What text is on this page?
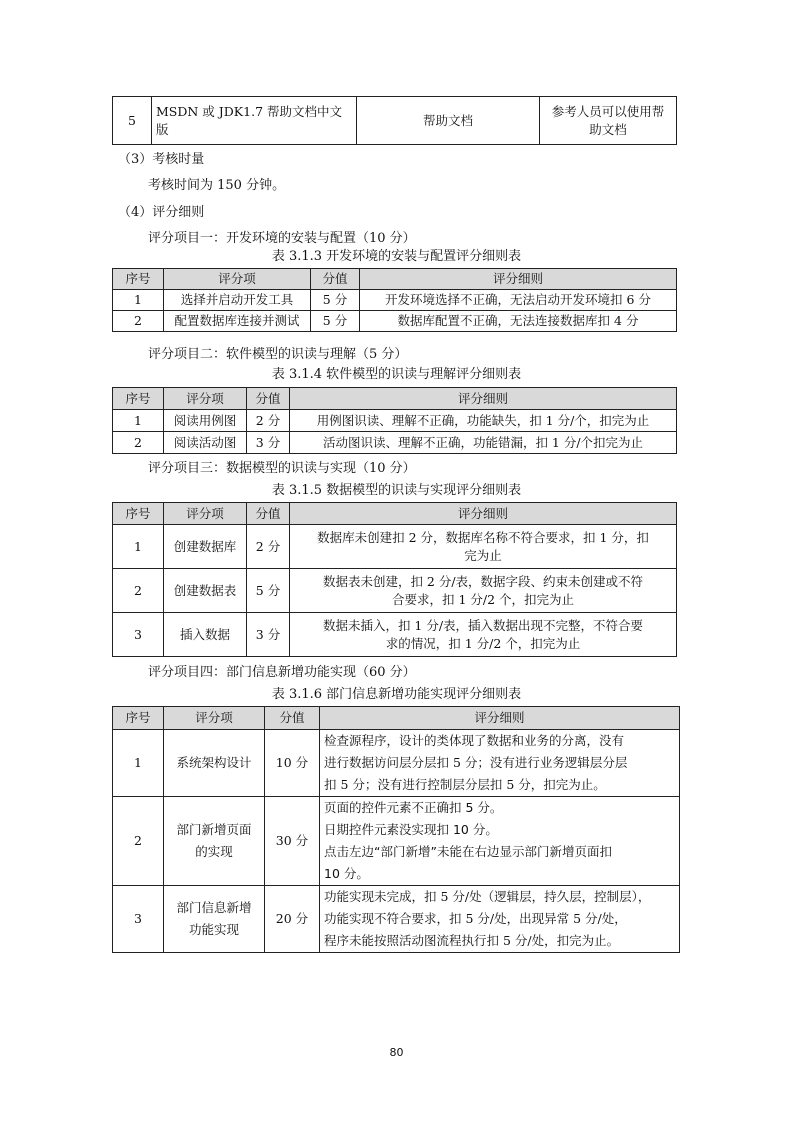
5	MSDN 或 JDK1.7 帮助文档中文版	帮助文档	参考人员可以使用帮
助文档
（3）考核时量
考核时间为 150 分钟。
（4）评分细则
评分项目一：开发环境的安装与配置（10 分）
表 3.1.3 开发环境的安装与配置评分细则表
序号	评分项	分值	评分细则
1	选择并启动开发工具	5 分	开发环境选择不正确，无法启动开发环境扣 6 分
2	配置数据库连接并测试	5 分	数据库配置不正确，无法连接数据库扣 4 分
评分项目二：软件模型的识读与理解（5 分）
表 3.1.4 软件模型的识读与理解评分细则表
序号	评分项	分值	评分细则
1	阅读用例图	2 分	用例图识读、理解不正确，功能缺失，扣 1 分/个，扣完为止
2	阅读活动图	3 分	活动图识读、理解不正确，功能错漏，扣 1 分/个扣完为止
评分项目三：数据模型的识读与实现（10 分）
表 3.1.5 数据模型的识读与实现评分细则表
序号	评分项	分值	评分细则
1	创建数据库	2 分	数据库未创建扣 2 分，数据库名称不符合要求，扣 1 分，扣
完为止
2	创建数据表	5 分	数据表未创建，扣 2 分/表，数据字段、约束未创建或不符
合要求，扣 1 分/2 个，扣完为止
3	插入数据	3 分	数据未插入，扣 1 分/表，插入数据出现不完整，不符合要
求的情况，扣 1 分/2 个，扣完为止
评分项目四：部门信息新增功能实现（60 分）
表 3.1.6 部门信息新增功能实现评分细则表
序号	评分项	分值	评分细则
1	系统架构设计	10 分	检查源程序，设计的类体现了数据和业务的分离，没有
进行数据访问层分层扣 5 分；没有进行业务逻辑层分层
扣 5 分；没有进行控制层分层扣 5 分，扣完为止。
2	部门新增页面
的实现	30 分	页面的控件元素不正确扣 5 分。
日期控件元素没实现扣 10 分。
点击左边“部门新增”未能在右边显示部门新增页面扣
10 分。
3	部门信息新增
功能实现	20 分	功能实现未完成，扣 5 分/处（逻辑层，持久层，控制层），
功能实现不符合要求，扣 5 分/处，出现异常 5 分/处，
程序未能按照活动图流程执行扣 5 分/处，扣完为止。
80
